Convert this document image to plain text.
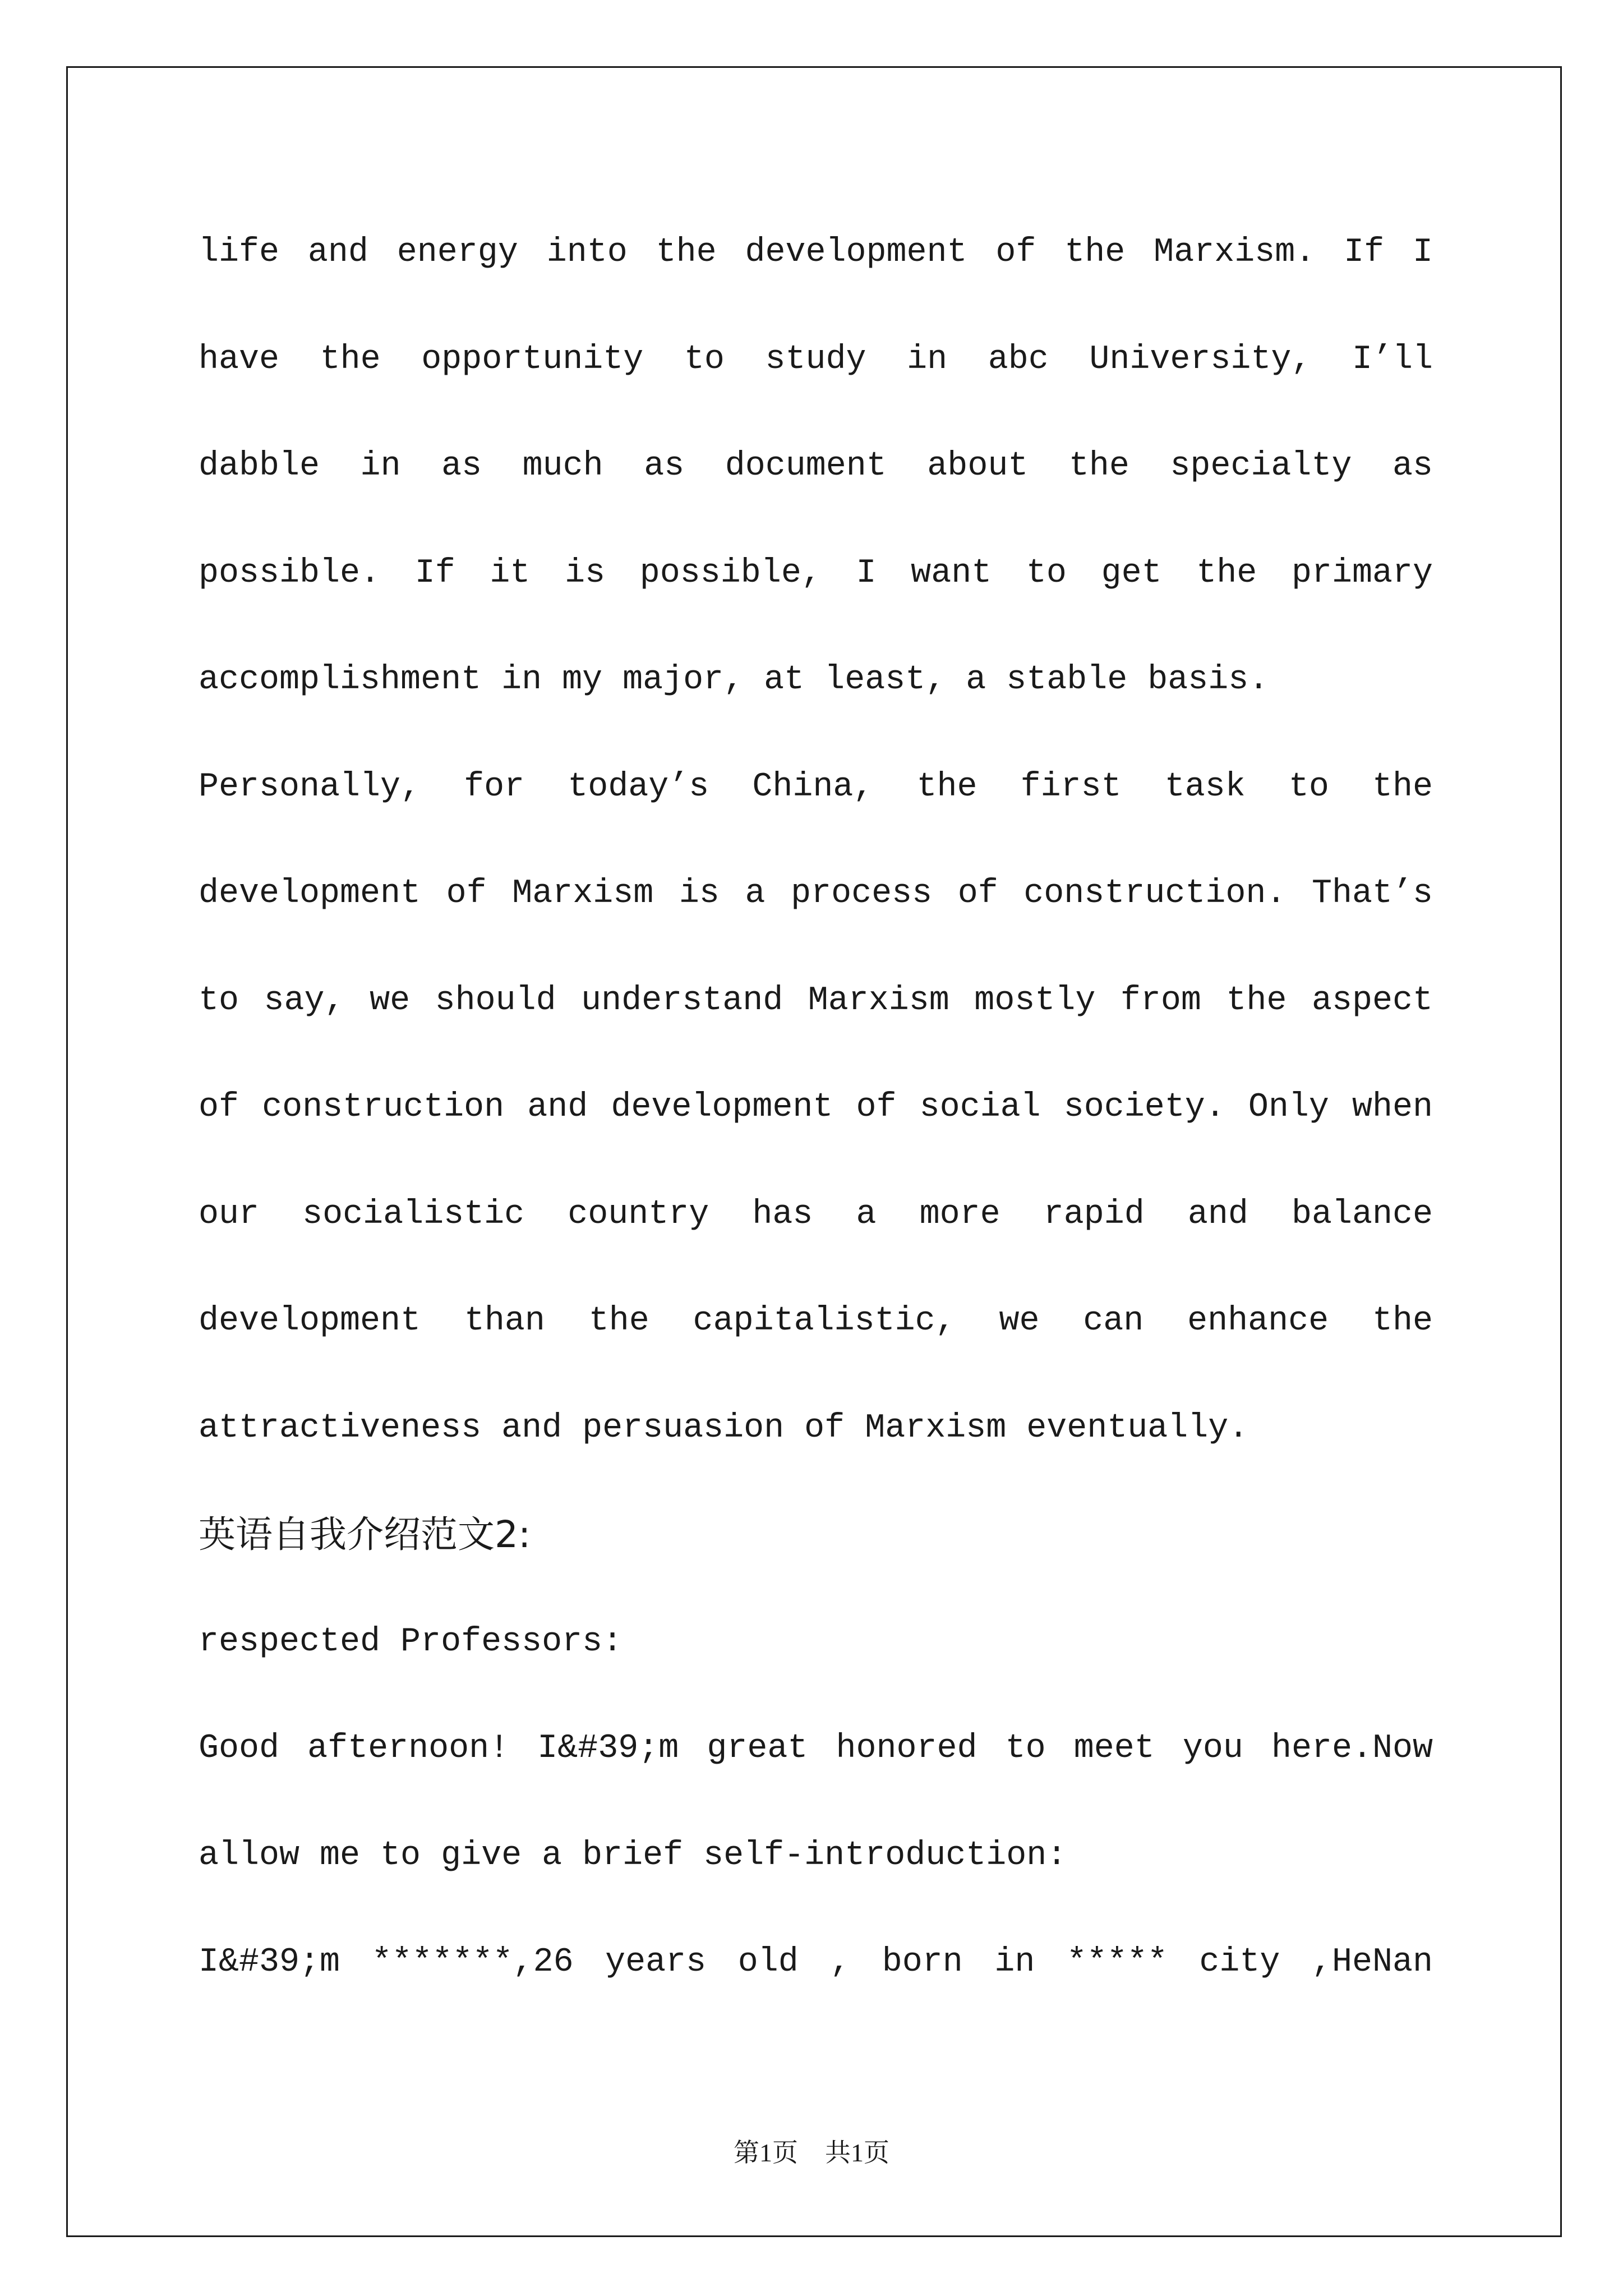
life and energy into the development of the Marxism. If I
have the opportunity to study in abc University, I’ll
dabble in as much as document about the specialty as
possible. If it is possible, I want to get the primary
accomplishment in my major, at least, a stable basis.
Personally, for today’s China, the first task to the
development of Marxism is a process of construction. That’s
to say, we should understand Marxism mostly from the aspect
of construction and development of social society. Only when
our socialistic country has a more rapid and balance
development than the capitalistic, we can enhance the
attractiveness and persuasion of Marxism eventually.
英语自我介绍范文2:
respected Professors:
Good afternoon! I&#39;m great honored to meet you here.Now
allow me to give a brief self-introduction:
I&#39;m *******,26 years old , born in ***** city ,HeNan
第1页 共1页
